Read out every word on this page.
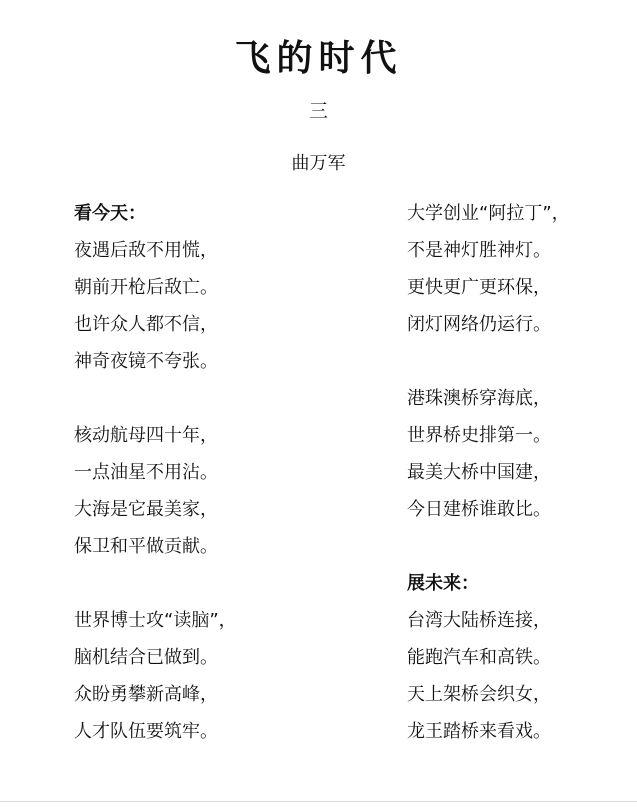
飞的时代
三
曲万军
看今天：
夜遇后敌不用慌，
朝前开枪后敌亡。
也许众人都不信，
神奇夜镜不夸张。
核动航母四十年，
一点油星不用沾。
大海是它最美家，
保卫和平做贡献。
世界博士攻“读脑”，
脑机结合已做到。
众盼勇攀新高峰，
人才队伍要筑牢。
大学创业“阿拉丁”，
不是神灯胜神灯。
更快更广更环保，
闭灯网络仍运行。
港珠澳桥穿海底，
世界桥史排第一。
最美大桥中国建，
今日建桥谁敢比。
展未来：
台湾大陆桥连接，
能跑汽车和高铁。
天上架桥会织女，
龙王踏桥来看戏。
